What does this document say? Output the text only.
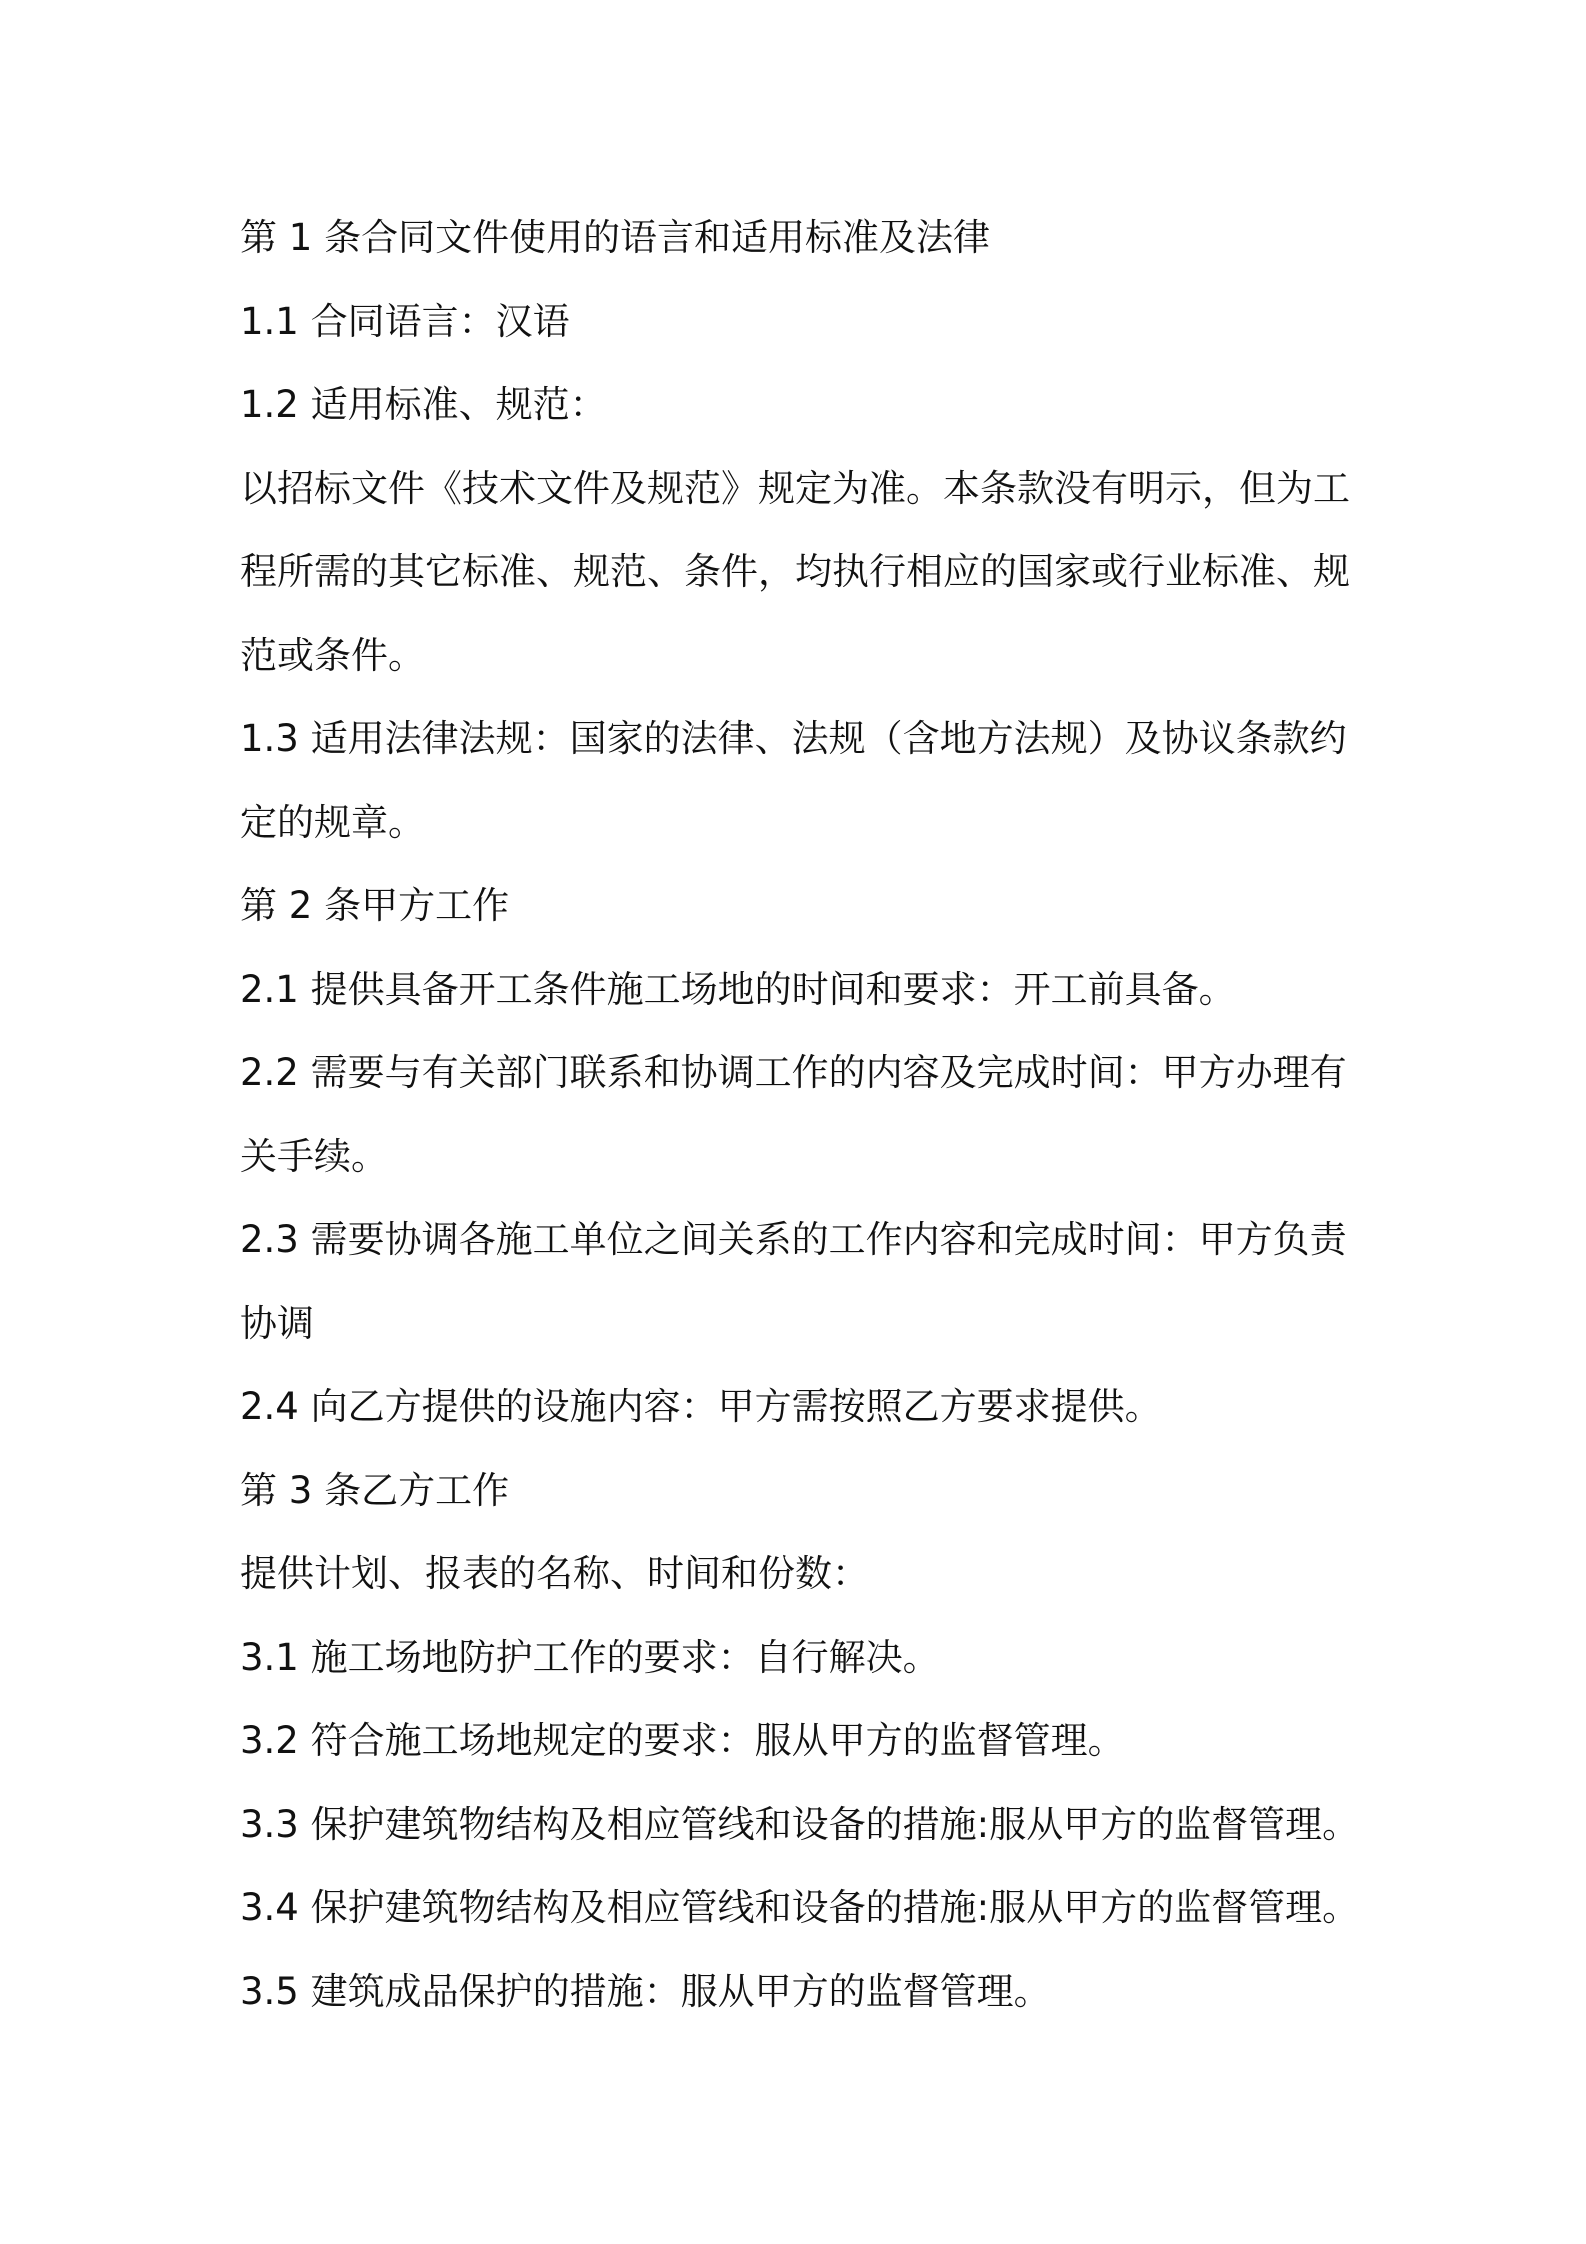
第 1 条合同文件使用的语言和适用标准及法律
1.1 合同语言：汉语
1.2 适用标准、规范：
以招标文件《技术文件及规范》规定为准。本条款没有明示，但为工
程所需的其它标准、规范、条件，均执行相应的国家或行业标准、规
范或条件。
1.3 适用法律法规：国家的法律、法规（含地方法规）及协议条款约
定的规章。
第 2 条甲方工作
2.1 提供具备开工条件施工场地的时间和要求：开工前具备。
2.2 需要与有关部门联系和协调工作的内容及完成时间：甲方办理有
关手续。
2.3 需要协调各施工单位之间关系的工作内容和完成时间：甲方负责
协调
2.4 向乙方提供的设施内容：甲方需按照乙方要求提供。
第 3 条乙方工作
提供计划、报表的名称、时间和份数：
3.1 施工场地防护工作的要求：自行解决。
3.2 符合施工场地规定的要求：服从甲方的监督管理。
3.3 保护建筑物结构及相应管线和设备的措施:服从甲方的监督管理。
3.4 保护建筑物结构及相应管线和设备的措施:服从甲方的监督管理。
3.5 建筑成品保护的措施：服从甲方的监督管理。
